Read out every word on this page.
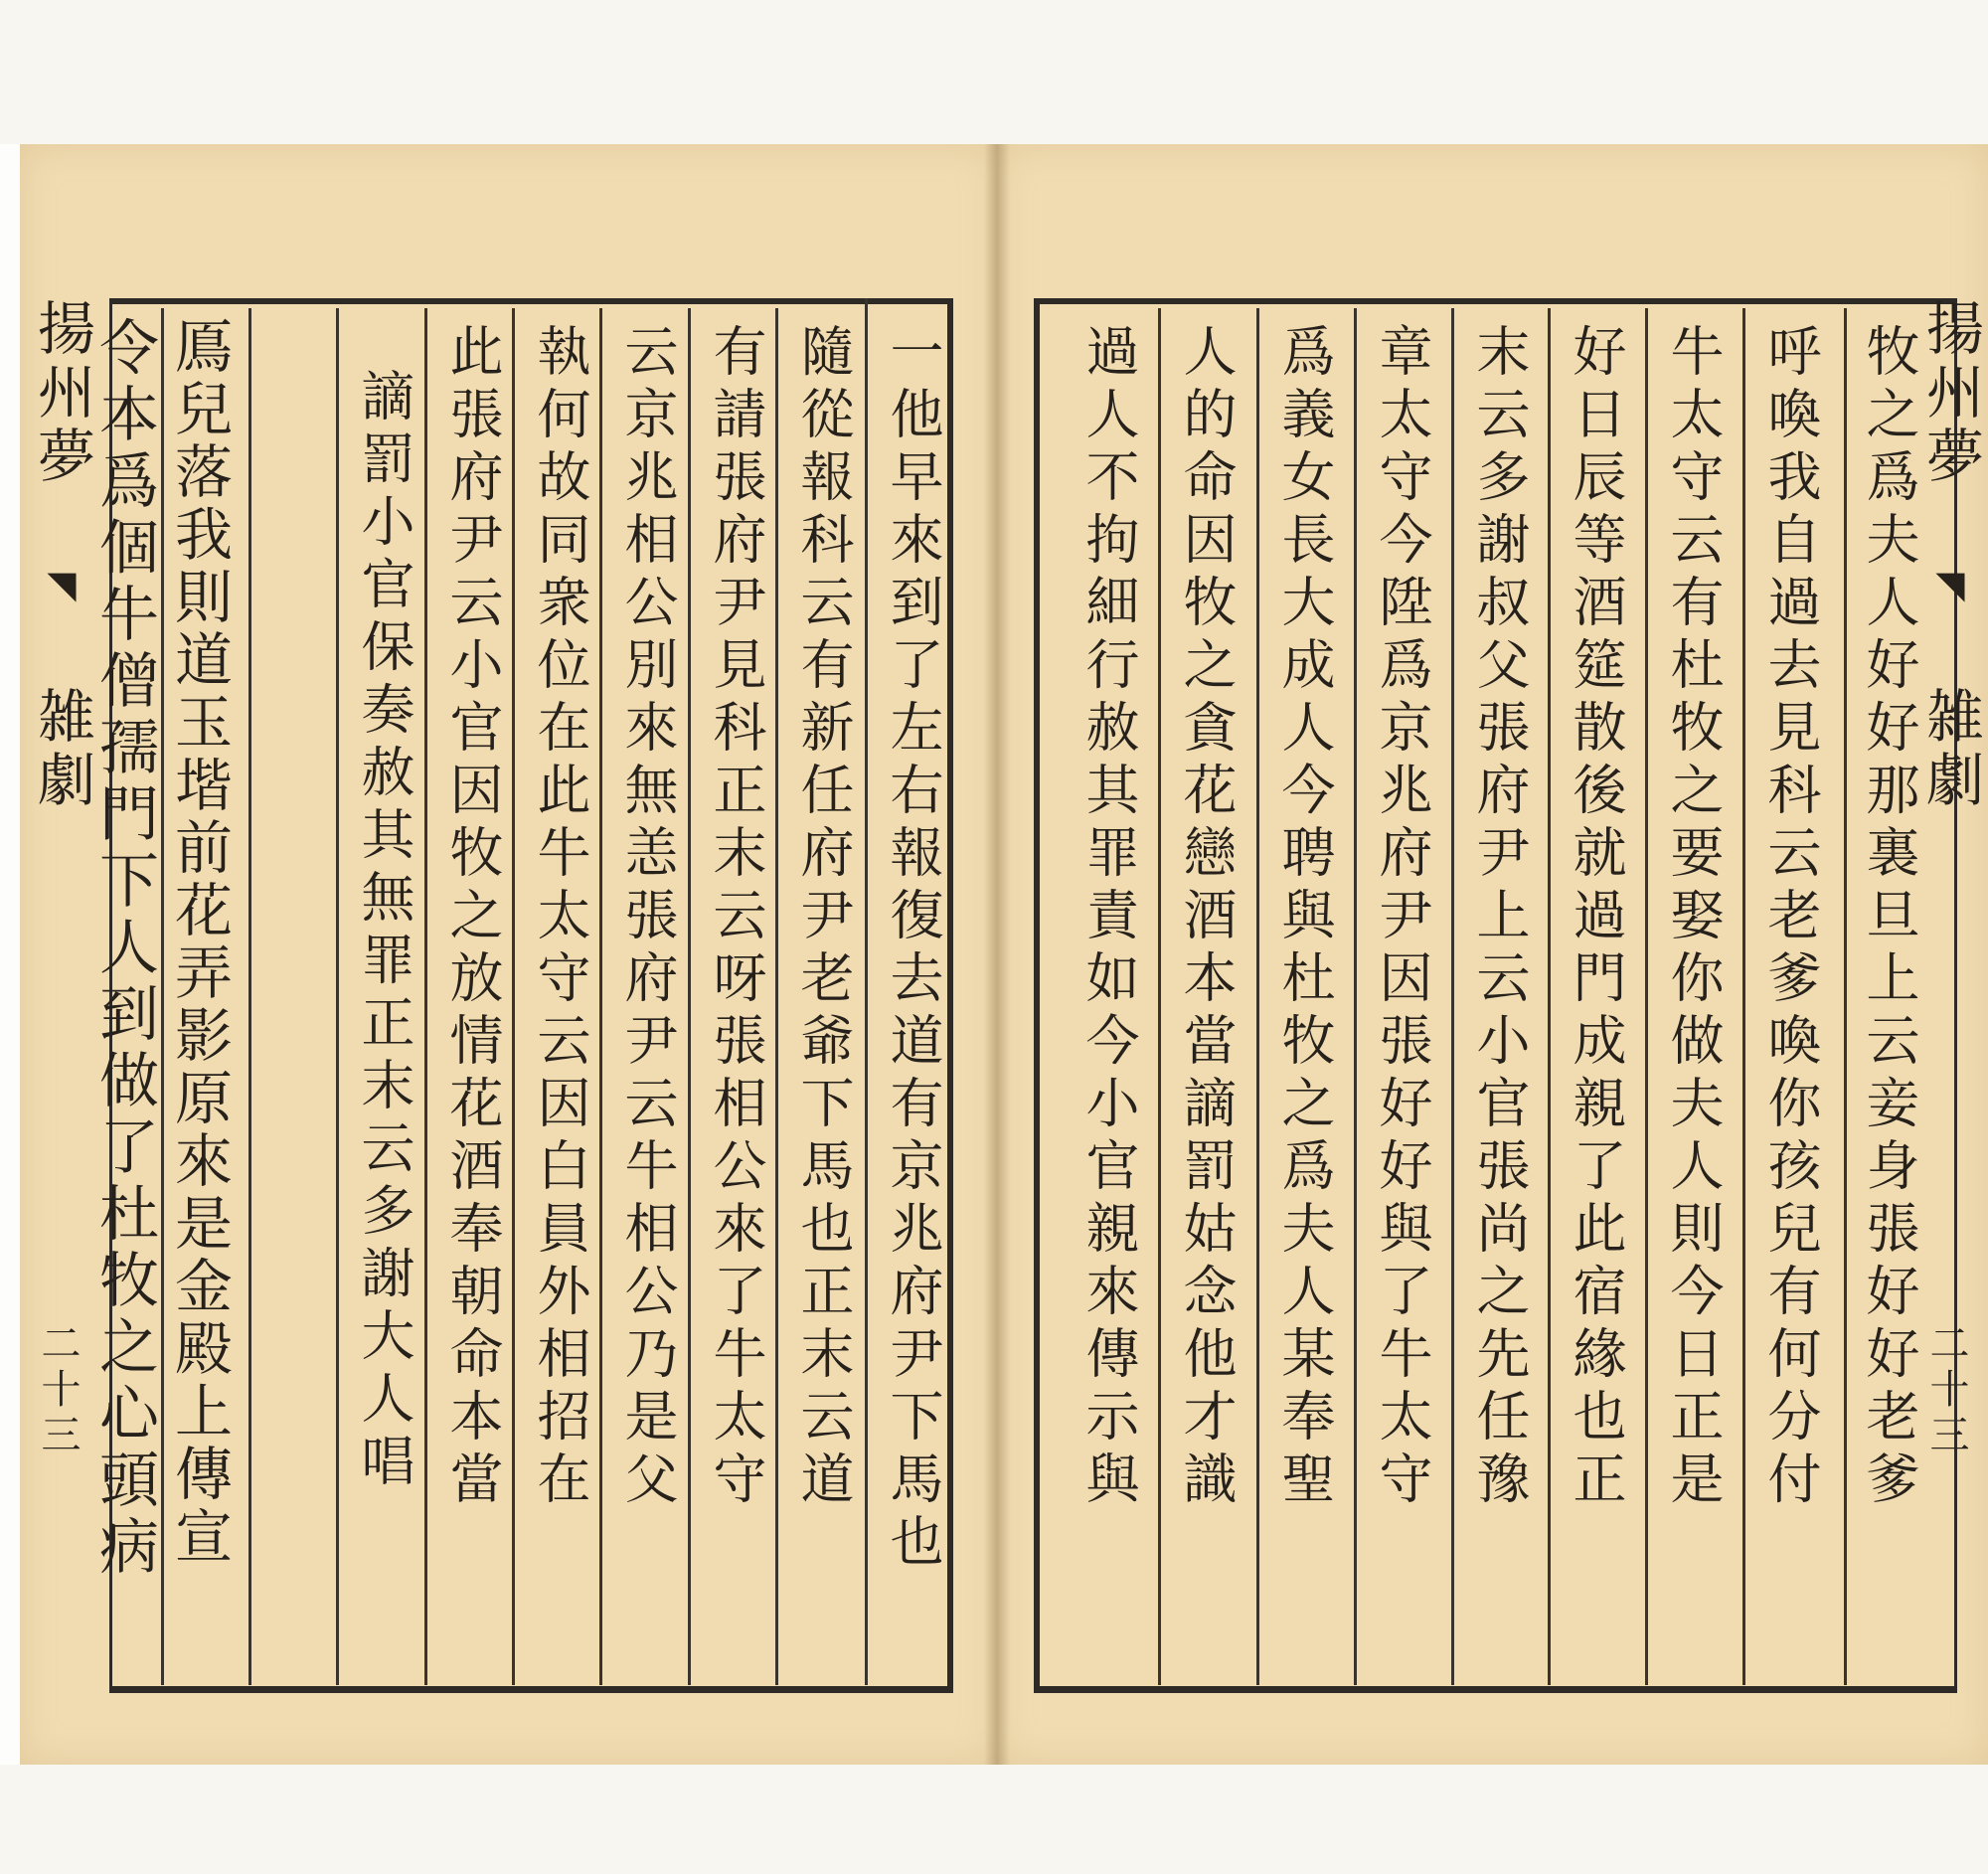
揚州夢 ◥ 雑劇
二十三	一他早來到了左右報復去道有京兆府尹下馬也
隨從報科云有新任府尹老爺下馬也正末云道
有請張府尹見科正末云呀張相公來了牛太守
云京兆相公別來無恙張府尹云牛相公乃是父
執何故同衆位在此牛太守云因白員外相招在
此張府尹云小官因牧之放情花酒奉朝命本當
謫罰小官保奏赦其無罪正末云多謝大人唱
鳫兒落我則道玉堦前花弄影原來是金殿上傳宣
令本爲個牛僧孺門下人到做了杜牧之心頭病	揚州夢 ◥ 雑劇
二十三
牧之爲夫人好好那裏旦上云妾身張好好老爹
呼喚我自過去見科云老爹喚你孩兒有何分付
牛太守云有杜牧之要娶你做夫人則今日正是
好日辰等酒筵散後就過門成親了此宿緣也正
末云多謝叔父張府尹上云小官張尚之先任豫
章太守今陞爲京兆府尹因張好好與了牛太守
爲義女長大成人今聘與杜牧之爲夫人某奉聖
人的命因牧之貪花戀酒本當謫罰姑念他才識
過人不拘細行赦其罪責如今小官親來傳示與
